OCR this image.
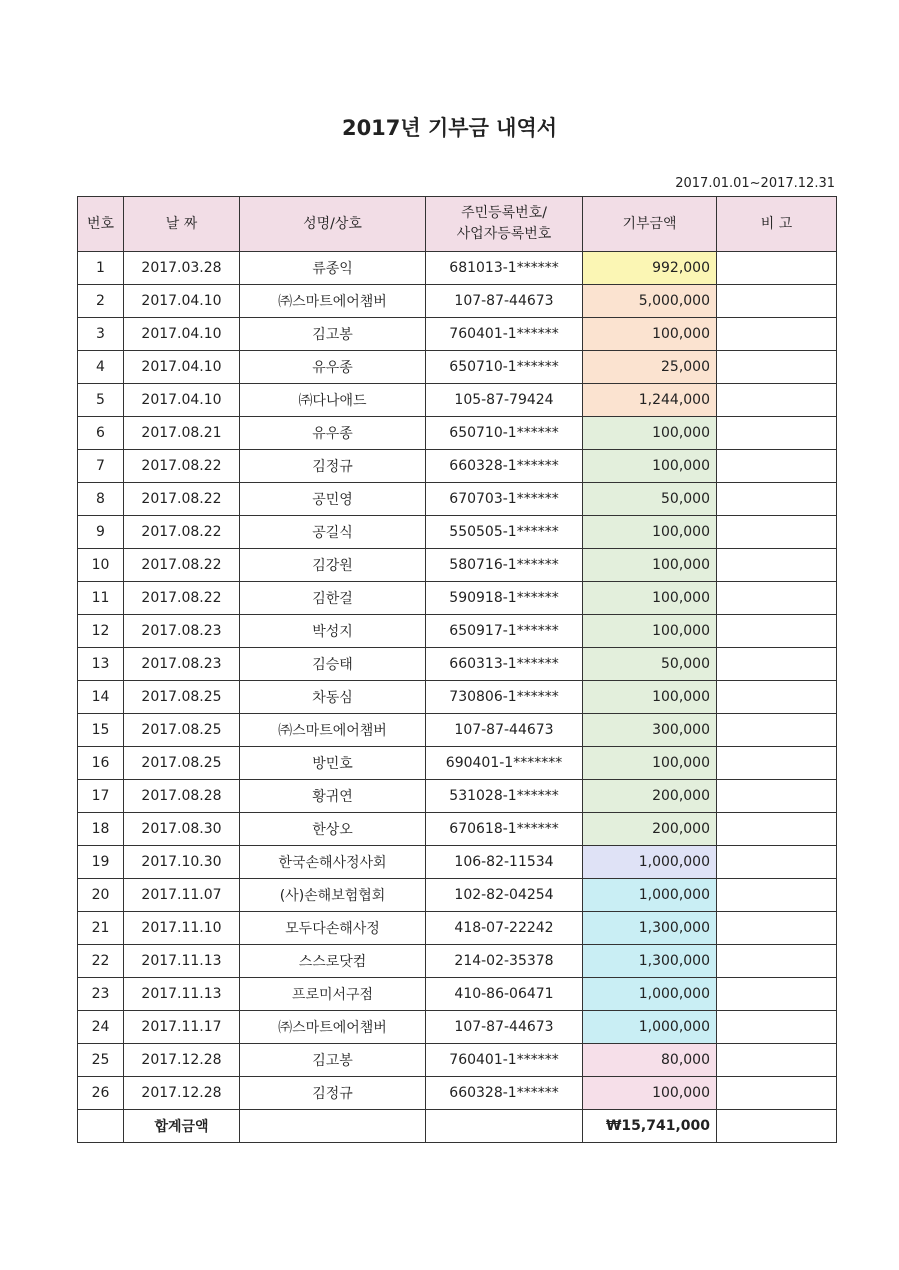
2017년 기부금 내역서
2017.01.01~2017.12.31
번호	날 짜	성명/상호	주민등록번호/
사업자등록번호	기부금액	비 고
1	2017.03.28	류종익	681013-1******	992,000	
2	2017.04.10	㈜스마트에어챔버	107-87-44673	5,000,000	
3	2017.04.10	김고봉	760401-1******	100,000	
4	2017.04.10	유우종	650710-1******	25,000	
5	2017.04.10	㈜다나애드	105-87-79424	1,244,000	
6	2017.08.21	유우종	650710-1******	100,000	
7	2017.08.22	김정규	660328-1******	100,000	
8	2017.08.22	공민영	670703-1******	50,000	
9	2017.08.22	공길식	550505-1******	100,000	
10	2017.08.22	김강원	580716-1******	100,000	
11	2017.08.22	김한걸	590918-1******	100,000	
12	2017.08.23	박성지	650917-1******	100,000	
13	2017.08.23	김승태	660313-1******	50,000	
14	2017.08.25	차동심	730806-1******	100,000	
15	2017.08.25	㈜스마트에어챔버	107-87-44673	300,000	
16	2017.08.25	방민호	690401-1*******	100,000	
17	2017.08.28	황귀연	531028-1******	200,000	
18	2017.08.30	한상오	670618-1******	200,000	
19	2017.10.30	한국손해사정사회	106-82-11534	1,000,000	
20	2017.11.07	(사)손해보험협회	102-82-04254	1,000,000	
21	2017.11.10	모두다손해사정	418-07-22242	1,300,000	
22	2017.11.13	스스로닷컴	214-02-35378	1,300,000	
23	2017.11.13	프로미서구점	410-86-06471	1,000,000	
24	2017.11.17	㈜스마트에어챔버	107-87-44673	1,000,000	
25	2017.12.28	김고봉	760401-1******	80,000	
26	2017.12.28	김정규	660328-1******	100,000	
	합계금액			₩15,741,000	
